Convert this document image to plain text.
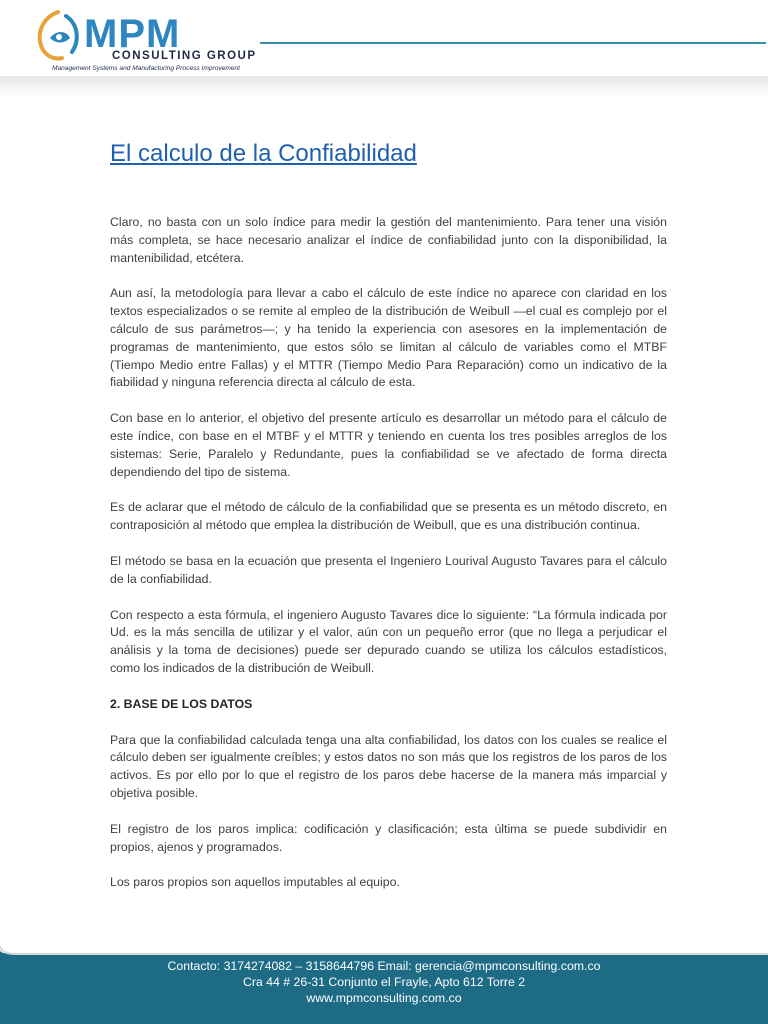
MPM
CONSULTING GROUP
Management Systems and Manufacturing Process Improvement
El calculo de la Confiabilidad

Claro, no basta con un solo índice para medir la gestión del mantenimiento. Para tener una visión más completa, se hace necesario analizar el índice de confiabilidad junto con la disponibilidad, la mantenibilidad, etcétera.

Aun así, la metodología para llevar a cabo el cálculo de este índice no aparece con claridad en los textos especializados o se remite al empleo de la distribución de Weibull —el cual es complejo por el cálculo de sus parámetros—; y ha tenido la experiencia con asesores en la implementación de programas de mantenimiento, que estos sólo se limitan al cálculo de variables como el MTBF (Tiempo Medio entre Fallas) y el MTTR (Tiempo Medio Para Reparación) como un indicativo de la fiabilidad y ninguna referencia directa al cálculo de esta.

Con base en lo anterior, el objetivo del presente artículo es desarrollar un método para el cálculo de este índice, con base en el MTBF y el MTTR y teniendo en cuenta los tres posibles arreglos de los sistemas: Serie, Paralelo y Redundante, pues la confiabilidad se ve afectado de forma directa dependiendo del tipo de sistema.

Es de aclarar que el método de cálculo de la confiabilidad que se presenta es un método discreto, en contraposición al método que emplea la distribución de Weibull, que es una distribución continua.

El método se basa en la ecuación que presenta el Ingeniero Lourival Augusto Tavares para el cálculo de la confiabilidad.

Con respecto a esta fórmula, el ingeniero Augusto Tavares dice lo siguiente: “La fórmula indicada por Ud. es la más sencilla de utilizar y el valor, aún con un pequeño error (que no llega a perjudicar el análisis y la toma de decisiones) puede ser depurado cuando se utiliza los cálculos estadísticos, como los indicados de la distribución de Weibull.

2. BASE DE LOS DATOS

Para que la confiabilidad calculada tenga una alta confiabilidad, los datos con los cuales se realice el cálculo deben ser igualmente creíbles; y estos datos no son más que los registros de los paros de los activos. Es por ello por lo que el registro de los paros debe hacerse de la manera más imparcial y objetiva posible.

El registro de los paros implica: codificación y clasificación; esta última se puede subdividir en propios, ajenos y programados.

Los paros propios son aquellos imputables al equipo.

Contacto: 3174274082 – 3158644796 Email: gerencia@mpmconsulting.com.co
Cra 44 # 26-31 Conjunto el Frayle, Apto 612 Torre 2
www.mpmconsulting.com.co
